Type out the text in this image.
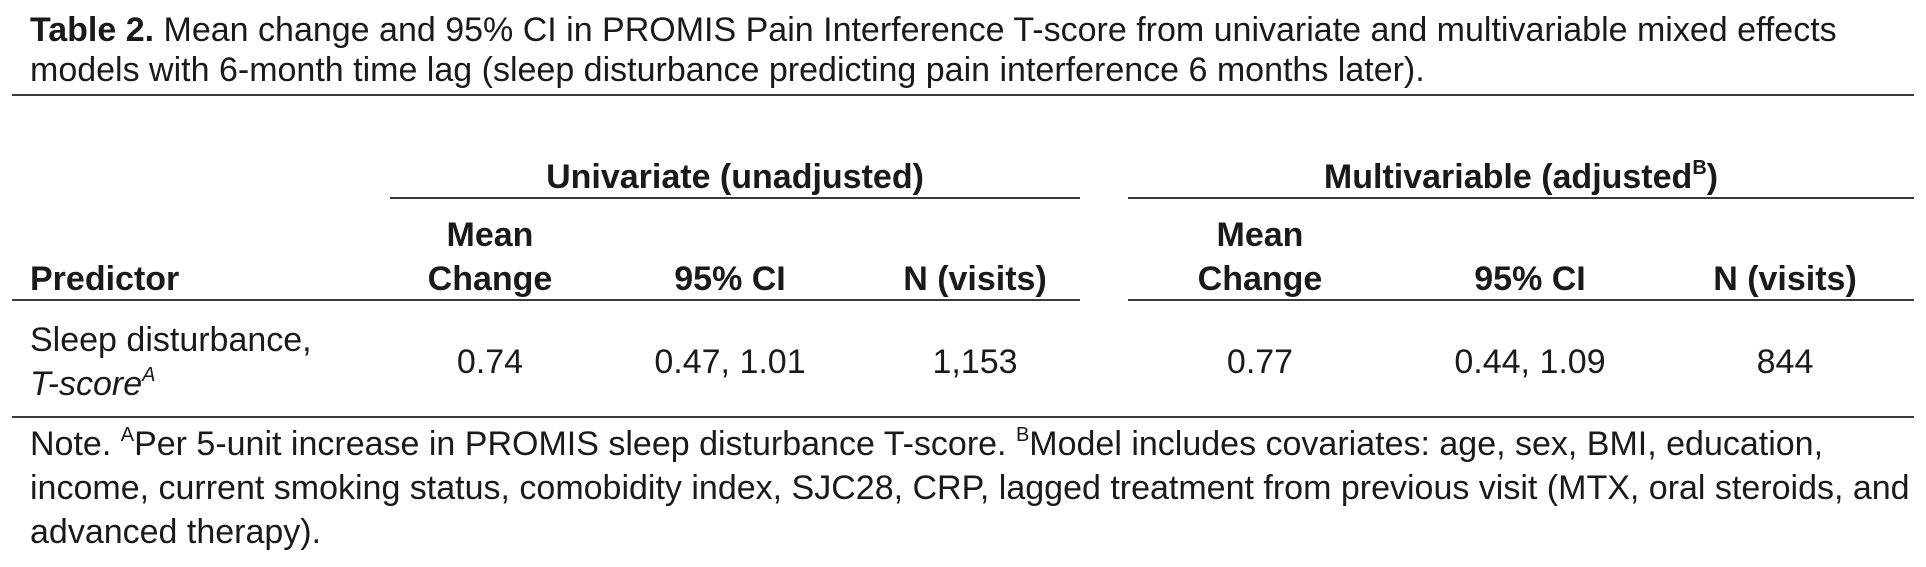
Table 2. Mean change and 95% CI in PROMIS Pain Interference T-score from univariate and multivariable mixed effects models with 6-month time lag (sleep disturbance predicting pain interference 6 months later).
Univariate (unadjusted)	Multivariable (adjusted$^B$)
Predictor
Mean
Change	95% CI	N (visits)
Mean
Change	95% CI	N (visits)
Sleep disturbance,
T-score$^A$	0.74	0.47, 1.01	1,153	0.77	0.44, 1.09	844
Note. $^A$Per 5-unit increase in PROMIS sleep disturbance T-score. $^B$Model includes covariates: age, sex, BMI, education, income, current smoking status, comobidity index, SJC28, CRP, lagged treatment from previous visit (MTX, oral steroids, and advanced therapy).
